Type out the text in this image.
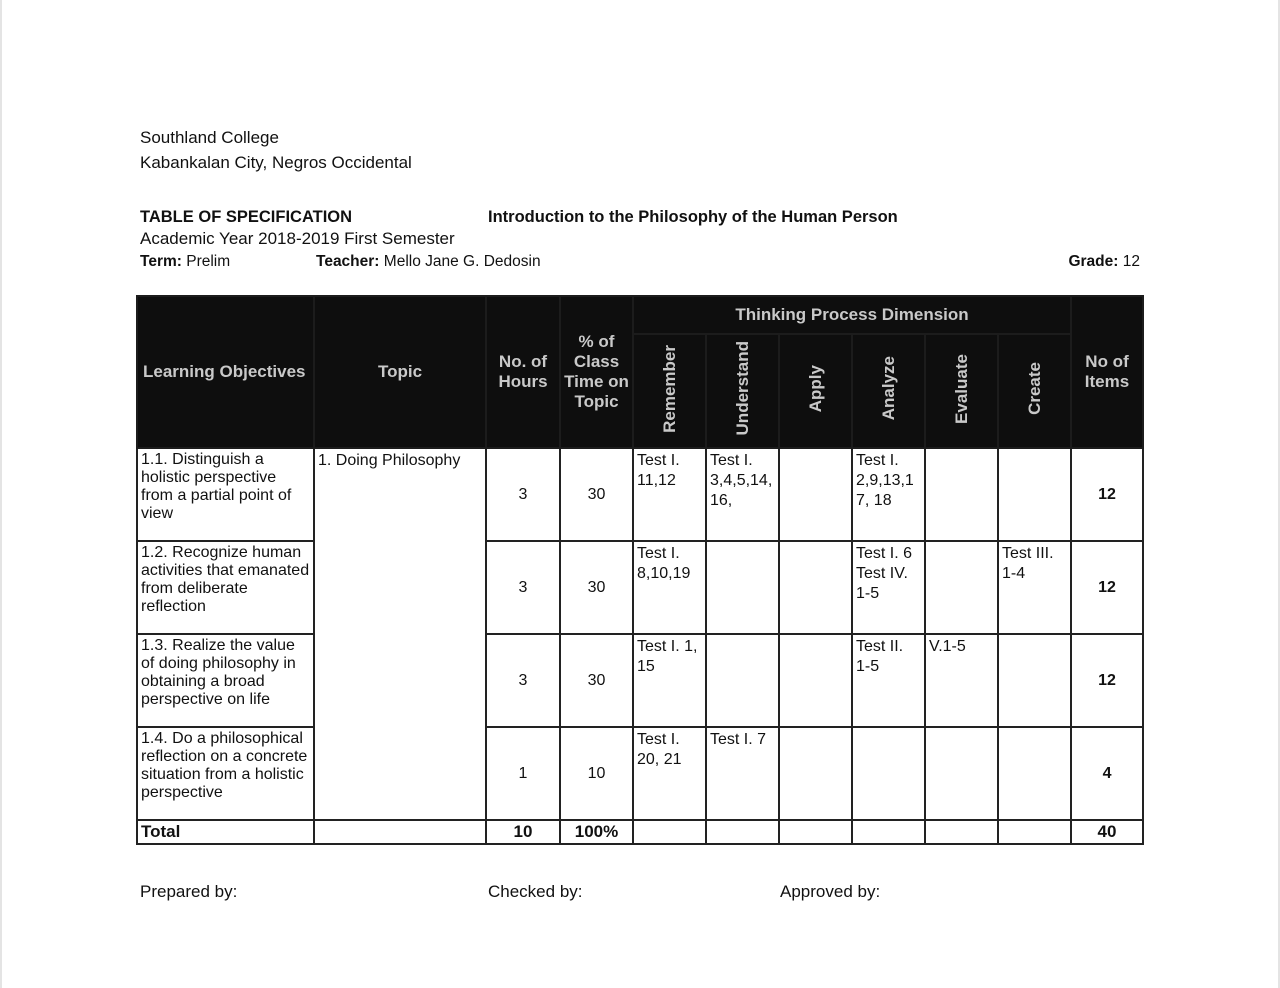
Southland College
Kabankalan City, Negros Occidental
TABLE OF SPECIFICATION	Introduction to the Philosophy of the Human Person
Academic Year 2018-2019 First Semester
Term: Prelim	Teacher: Mello Jane G. Dedosin	Grade: 12
Learning Objectives	Topic	No. of Hours	% of Class Time on Topic	Thinking Process Dimension						No of Items
				Remember	Understand	Apply	Analyze	Evaluate	Create	
1.1. Distinguish a holistic perspective from a partial point of view	1. Doing Philosophy	3	30	Test I. 11,12	Test I. 3,4,5,14, 16,		Test I. 2,9,13,1 7, 18			12
1.2. Recognize human activities that emanated from deliberate reflection		3	30	Test I. 8,10,19			Test I. 6 Test IV. 1-5		Test III. 1-4	12
1.3. Realize the value of doing philosophy in obtaining a broad perspective on life		3	30	Test I. 1, 15			Test II. 1-5	V.1-5		12
1.4. Do a philosophical reflection on a concrete situation from a holistic perspective		1	10	Test I. 20, 21	Test I. 7					4
Total		10	100%							40
Prepared by:	Checked by:	Approved by:
